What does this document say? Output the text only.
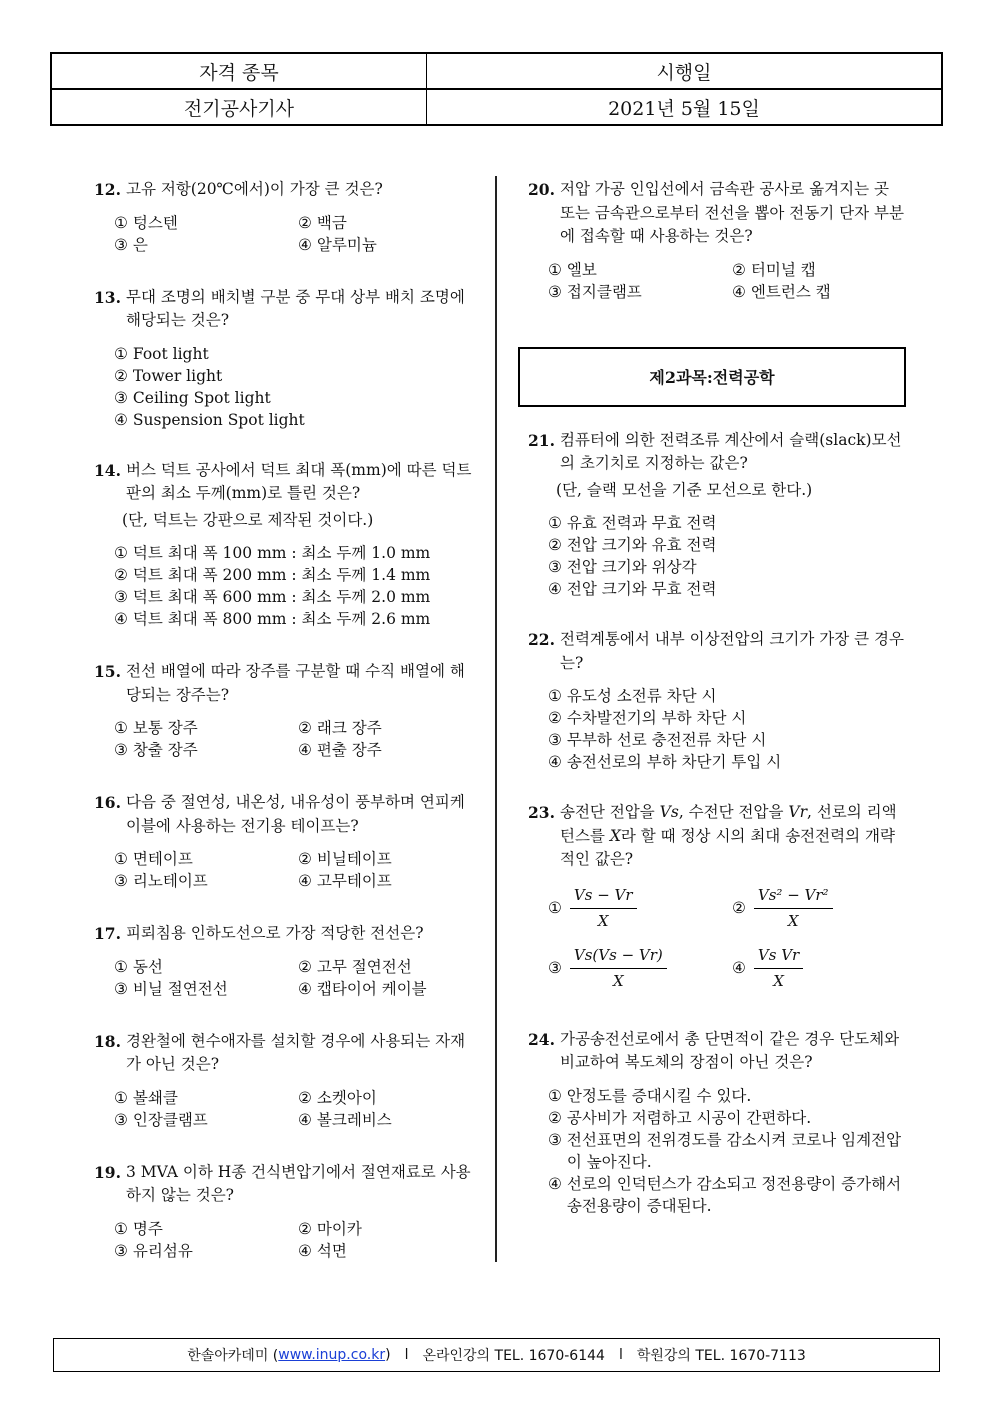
자격 종목	시행일
전기공사기사	2021년 5월 15일
12. 고유 저항(20℃에서)이 가장 큰 것은?
① 텅스텐	② 백금
③ 은	④ 알루미늄
13. 무대 조명의 배치별 구분 중 무대 상부 배치 조명에 해당되는 것은?
① Foot light
② Tower light
③ Ceiling Spot light
④ Suspension Spot light
14. 버스 덕트 공사에서 덕트 최대 폭(mm)에 따른 덕트 판의 최소 두께(mm)로 틀린 것은?
(단, 덕트는 강판으로 제작된 것이다.)
① 덕트 최대 폭 100 mm : 최소 두께 1.0 mm
② 덕트 최대 폭 200 mm : 최소 두께 1.4 mm
③ 덕트 최대 폭 600 mm : 최소 두께 2.0 mm
④ 덕트 최대 폭 800 mm : 최소 두께 2.6 mm
15. 전선 배열에 따라 장주를 구분할 때 수직 배열에 해당되는 장주는?
① 보통 장주	② 래크 장주
③ 창출 장주	④ 편출 장주
16. 다음 중 절연성, 내온성, 내유성이 풍부하며 연피케이블에 사용하는 전기용 테이프는?
① 면테이프	② 비닐테이프
③ 리노테이프	④ 고무테이프
17. 피뢰침용 인하도선으로 가장 적당한 전선은?
① 동선	② 고무 절연전선
③ 비닐 절연전선	④ 캡타이어 케이블
18. 경완철에 현수애자를 설치할 경우에 사용되는 자재가 아닌 것은?
① 볼쇄클	② 소켓아이
③ 인장클램프	④ 볼크레비스
19. 3 MVA 이하 H종 건식변압기에서 절연재료로 사용하지 않는 것은?
① 명주	② 마이카
③ 유리섬유	④ 석면
20. 저압 가공 인입선에서 금속관 공사로 옮겨지는 곳 또는 금속관으로부터 전선을 뽑아 전동기 단자 부분에 접속할 때 사용하는 것은?
① 엘보	② 터미널 캡
③ 접지클램프	④ 엔트런스 캡
제2과목:전력공학
21. 컴퓨터에 의한 전력조류 계산에서 슬랙(slack)모선의 초기치로 지정하는 값은?
(단, 슬랙 모선을 기준 모선으로 한다.)
① 유효 전력과 무효 전력
② 전압 크기와 유효 전력
③ 전압 크기와 위상각
④ 전압 크기와 무효 전력
22. 전력계통에서 내부 이상전압의 크기가 가장 큰 경우는?
① 유도성 소전류 차단 시
② 수차발전기의 부하 차단 시
③ 무부하 선로 충전전류 차단 시
④ 송전선로의 부하 차단기 투입 시
23. 송전단 전압을 Vs, 수전단 전압을 Vr, 선로의 리액턴스를 X라 할 때 정상 시의 최대 송전전력의 개략적인 값은?
① $\frac{Vs - Vr}{X}$	② $\frac{\text{Vs² − Vr²}}{X}$
③ $\frac{Vs(Vs - Vr)}{X}$	④ $\frac{\text{Vs Vr}}{X}$
24. 가공송전선로에서 총 단면적이 같은 경우 단도체와 비교하여 복도체의 장점이 아닌 것은?
① 안정도를 증대시킬 수 있다.
② 공사비가 저렴하고 시공이 간편하다.
③ 전선표면의 전위경도를 감소시켜 코로나 임계전압이 높아진다.
④ 선로의 인덕턴스가 감소되고 정전용량이 증가해서 송전용량이 증대된다.
한솔아카데미 ( www.inup.co.kr ) l 온라인강의 TEL. 1670-6144 l 학원강의 TEL. 1670-7113
